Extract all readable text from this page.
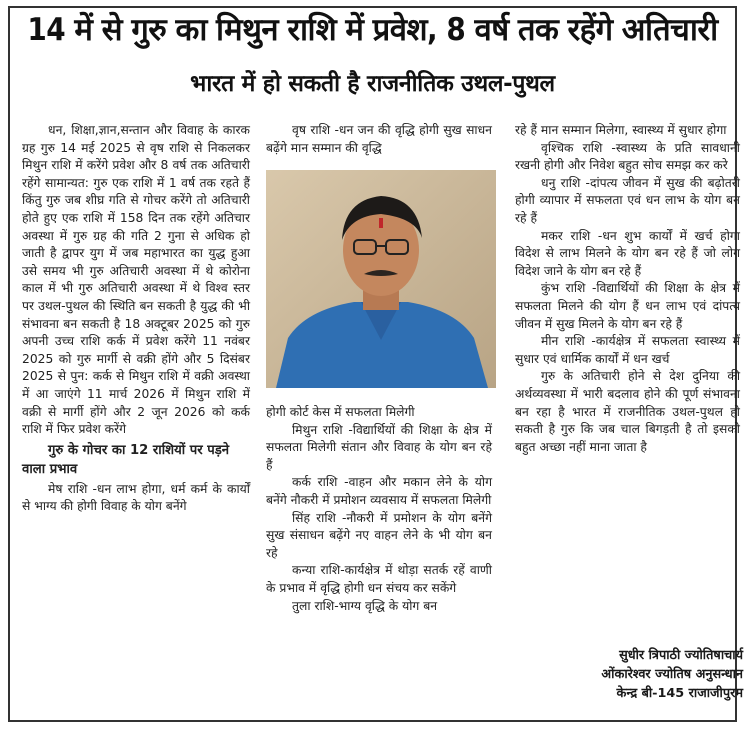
14 में से गुरु का मिथुन राशि में प्रवेश, 8 वर्ष तक रहेंगे अतिचारी
भारत में हो सकती है राजनीतिक उथल-पुथल

धन, शिक्षा,ज्ञान,सन्तान और विवाह के कारक ग्रह गुरु 14 मई 2025 से वृष राशि से निकलकर मिथुन राशि में करेंगे प्रवेश और 8 वर्ष तक अतिचारी रहेंगे सामान्यत: गुरु एक राशि में 1 वर्ष तक रहते हैं किंतु गुरु जब शीघ्र गति से गोचर करेंगे तो अतिचारी होते हुए एक राशि में 158 दिन तक रहेंगे अतिचार अवस्था में गुरु ग्रह की गति 2 गुना से अधिक हो जाती है द्वापर युग में जब महाभारत का युद्ध हुआ उसे समय भी गुरु अतिचारी अवस्था में थे कोरोना काल में भी गुरु अतिचारी अवस्था में थे विश्व स्तर पर उथल-पुथल की स्थिति बन सकती है युद्ध की भी संभावना बन सकती है 18 अक्टूबर 2025 को गुरु अपनी उच्च राशि कर्क में प्रवेश करेंगे 11 नवंबर 2025 को गुरु मार्गी से वक्री होंगे और 5 दिसंबर 2025 से पुन: कर्क से मिथुन राशि में वक्री अवस्था में आ जाएंगे 11 मार्च 2026 में मिथुन राशि में वक्री से मार्गी होंगे और 2 जून 2026 को कर्क राशि में फिर प्रवेश करेंगे

गुरु के गोचर का 12 राशियों पर पड़ने वाला प्रभाव

मेष राशि -धन लाभ होगा, धर्म कर्म के कार्यों से भाग्य की होगी विवाह के योग बनेंगे

वृष राशि -धन जन की वृद्धि होगी सुख साधन बढ़ेंगे मान सम्मान की वृद्धि

होगी कोर्ट केस में सफलता मिलेगी

मिथुन राशि -विद्यार्थियों की शिक्षा के क्षेत्र में सफलता मिलेगी संतान और विवाह के योग बन रहे हैं

कर्क राशि -वाहन और मकान लेने के योग बनेंगे नौकरी में प्रमोशन व्यवसाय में सफलता मिलेगी

सिंह राशि -नौकरी में प्रमोशन के योग बनेंगे सुख संसाधन बढ़ेंगे नए वाहन लेने के भी योग बन रहे

कन्या राशि-कार्यक्षेत्र में थोड़ा सतर्क रहें वाणी के प्रभाव में वृद्धि होगी धन संचय कर सकेंगे

तुला राशि-भाग्य वृद्धि के योग बन

रहे हैं मान सम्मान मिलेगा, स्वास्थ्य में सुधार होगा

वृश्चिक राशि -स्वास्थ्य के प्रति सावधानी रखनी होगी और निवेश बहुत सोच समझ कर करे

धनु राशि -दांपत्य जीवन में सुख की बढ़ोतरी होगी व्यापार में सफलता एवं धन लाभ के योग बन रहे हैं

मकर राशि -धन शुभ कार्यों में खर्च होगा विदेश से लाभ मिलने के योग बन रहे हैं जो लोग विदेश जाने के योग बन रहे हैं

कुंभ राशि -विद्यार्थियों की शिक्षा के क्षेत्र में सफलता मिलने की योग हैं धन लाभ एवं दांपत्य जीवन में सुख मिलने के योग बन रहे हैं

मीन राशि -कार्यक्षेत्र में सफलता स्वास्थ्य में सुधार एवं धार्मिक कार्यों में धन खर्च

गुरु के अतिचारी होने से देश दुनिया की अर्थव्यवस्था में भारी बदलाव होने की पूर्ण संभावना बन रहा है भारत में राजनीतिक उथल-पुथल हो सकती है गुरु कि जब चाल बिगड़ती है तो इसको बहुत अच्छा नहीं माना जाता है

सुधीर त्रिपाठी ज्योतिषाचार्य
ओंकारेश्वर ज्योतिष अनुसन्धान
केन्द्र बी-145 राजाजीपुरम
